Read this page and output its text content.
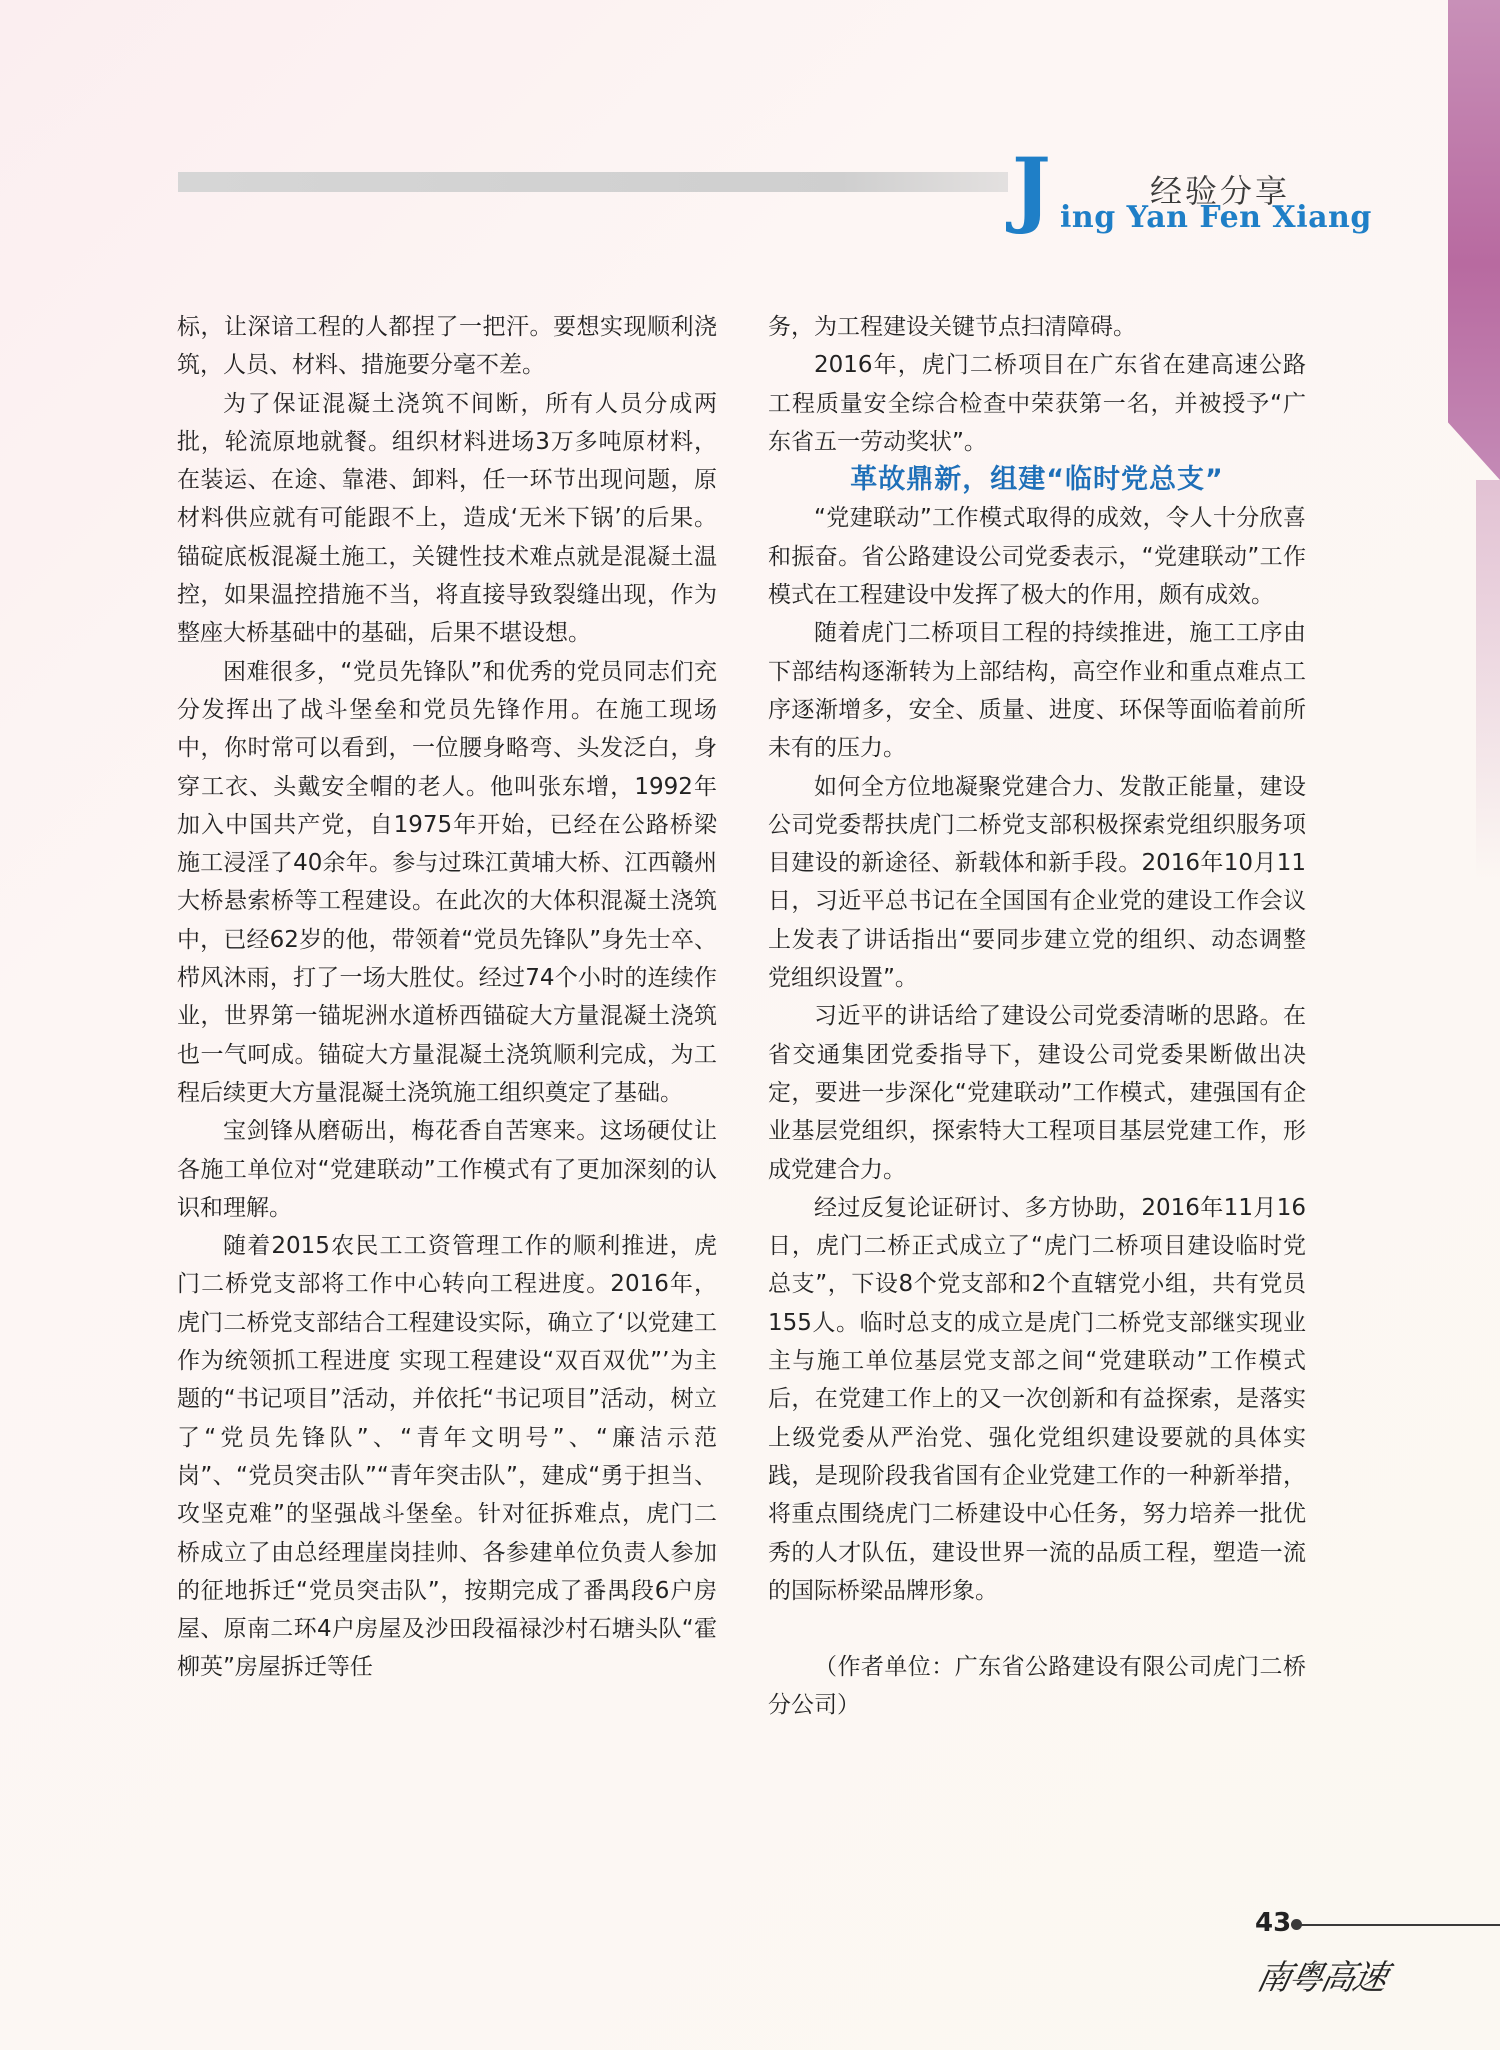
经验分享
J ing Yan Fen Xiang

标，让深谙工程的人都捏了一把汗。要想实现顺利浇筑，人员、材料、措施要分毫不差。

为了保证混凝土浇筑不间断，所有人员分成两批，轮流原地就餐。组织材料进场3万多吨原材料，在装运、在途、靠港、卸料，任一环节出现问题，原材料供应就有可能跟不上，造成‘无米下锅’的后果。锚碇底板混凝土施工，关键性技术难点就是混凝土温控，如果温控措施不当，将直接导致裂缝出现，作为整座大桥基础中的基础，后果不堪设想。

困难很多，“党员先锋队”和优秀的党员同志们充分发挥出了战斗堡垒和党员先锋作用。在施工现场中，你时常可以看到，一位腰身略弯、头发泛白，身穿工衣、头戴安全帽的老人。他叫张东增，1992年加入中国共产党，自1975年开始，已经在公路桥梁施工浸淫了40余年。参与过珠江黄埔大桥、江西赣州大桥悬索桥等工程建设。在此次的大体积混凝土浇筑中，已经62岁的他，带领着“党员先锋队”身先士卒、栉风沐雨，打了一场大胜仗。经过74个小时的连续作业，世界第一锚坭洲水道桥西锚碇大方量混凝土浇筑也一气呵成。锚碇大方量混凝土浇筑顺利完成，为工程后续更大方量混凝土浇筑施工组织奠定了基础。

宝剑锋从磨砺出，梅花香自苦寒来。这场硬仗让各施工单位对“党建联动”工作模式有了更加深刻的认识和理解。

随着2015农民工工资管理工作的顺利推进，虎门二桥党支部将工作中心转向工程进度。2016年，虎门二桥党支部结合工程建设实际，确立了‘以党建工作为统领抓工程进度 实现工程建设“双百双优”’为主题的“书记项目”活动，并依托“书记项目”活动，树立了“党员先锋队”、“青年文明号”、“廉洁示范岗”、“党员突击队”“青年突击队”，建成“勇于担当、攻坚克难”的坚强战斗堡垒。针对征拆难点，虎门二桥成立了由总经理崖岗挂帅、各参建单位负责人参加的征地拆迁“党员突击队”，按期完成了番禺段6户房屋、原南二环4户房屋及沙田段福禄沙村石塘头队“霍柳英”房屋拆迁等任

务，为工程建设关键节点扫清障碍。

2016年，虎门二桥项目在广东省在建高速公路工程质量安全综合检查中荣获第一名，并被授予“广东省五一劳动奖状”。

革故鼎新，组建“临时党总支”

“党建联动”工作模式取得的成效，令人十分欣喜和振奋。省公路建设公司党委表示，“党建联动”工作模式在工程建设中发挥了极大的作用，颇有成效。

随着虎门二桥项目工程的持续推进，施工工序由下部结构逐渐转为上部结构，高空作业和重点难点工序逐渐增多，安全、质量、进度、环保等面临着前所未有的压力。

如何全方位地凝聚党建合力、发散正能量，建设公司党委帮扶虎门二桥党支部积极探索党组织服务项目建设的新途径、新载体和新手段。2016年10月11日，习近平总书记在全国国有企业党的建设工作会议上发表了讲话指出“要同步建立党的组织、动态调整党组织设置”。

习近平的讲话给了建设公司党委清晰的思路。在省交通集团党委指导下，建设公司党委果断做出决定，要进一步深化“党建联动”工作模式，建强国有企业基层党组织，探索特大工程项目基层党建工作，形成党建合力。

经过反复论证研讨、多方协助，2016年11月16日，虎门二桥正式成立了“虎门二桥项目建设临时党总支”，下设8个党支部和2个直辖党小组，共有党员155人。临时总支的成立是虎门二桥党支部继实现业主与施工单位基层党支部之间“党建联动”工作模式后，在党建工作上的又一次创新和有益探索，是落实上级党委从严治党、强化党组织建设要就的具体实践，是现阶段我省国有企业党建工作的一种新举措，将重点围绕虎门二桥建设中心任务，努力培养一批优秀的人才队伍，建设世界一流的品质工程，塑造一流的国际桥梁品牌形象。

（作者单位：广东省公路建设有限公司虎门二桥分公司）

43
南粤高速
